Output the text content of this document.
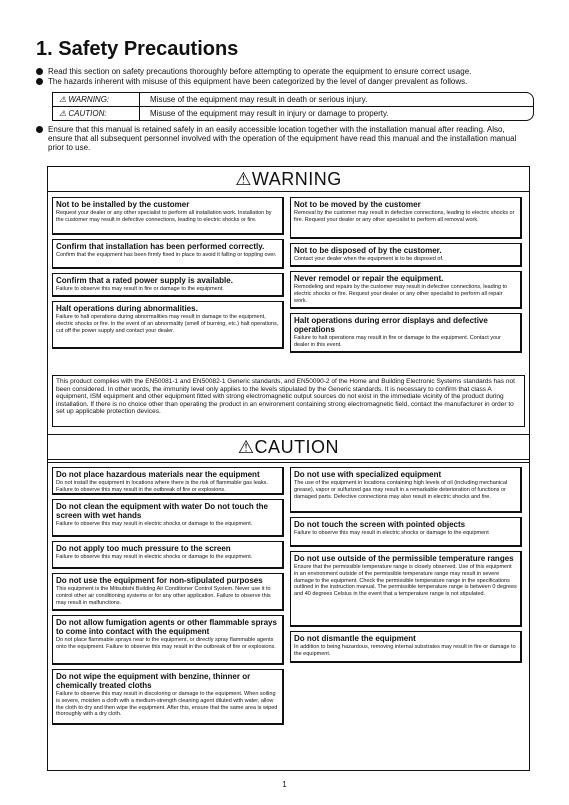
1. Safety Precautions
Read this section on safety precautions thoroughly before attempting to operate the equipment to ensure correct usage.
The hazards inherent with misuse of this equipment have been categorized by the level of danger prevalent as follows.
⚠ WARNING:	Misuse of the equipment may result in death or serious injury.
⚠ CAUTION:	Misuse of the equipment may result in injury or damage to property.
Ensure that this manual is retained safely in an easily accessible location together with the installation manual after reading. Also, ensure that all subsequent personnel involved with the operation of the equipment have read this manual and the installation manual prior to use.
⚠WARNING
Not to be installed by the customer

Request your dealer or any other specialist to perform all installation work. Installation by the customer may result in defective connections, leading to electric shocks or fire.

Confirm that installation has been performed correctly.

Confirm that the equipment has been firmly fixed in place to avoid it falling or toppling over.

Confirm that a rated power supply is available.

Failure to observe this may result in fire or damage to the equipment.

Halt operations during abnormalities.

Failure to halt operations during abnormalities may result in damage to the equipment, electric shocks or fire. In the event of an abnormality (smell of burning, etc.) halt operations, cut off the power supply and contact your dealer.

Not to be moved by the customer

Removal by the customer may result in defective connections, leading to electric shocks or fire. Request your dealer or any other specialist to perform all removal work.

Not to be disposed of by the customer.

Contact your dealer when the equipment is to be disposed of.

Never remodel or repair the equipment.

Remodeling and repairs by the customer may result in defective connections, leading to electric shocks or fire. Request your dealer or any other specialist to perform all repair work.

Halt operations during error displays and defective operations

Failure to halt operations may result in fire or damage to the equipment. Contact your dealer in this event.

This product complies with the EN50081-1 and EN50082-1 Generic standards, and EN50090-2 of the Home and Building Electronic Systems standards has not been considered. In other words, the immunity level only applies to the levels stipulated by the Generic standards. It is necessary to confirm that class A equipment, ISM equipment and other equipment fitted with strong electromagnetic output sources do not exist in the immediate vicinity of the product during installation. If there is no choice other than operating the product in an environment containing strong electromagnetic field, contact the manufacturer in order to set up applicable protection devices.
⚠CAUTION
Do not place hazardous materials near the equipment

Do not install the equipment in locations where there is the risk of flammable gas leaks. Failure to observe this may result in the outbreak of fire or explosions.

Do not clean the equipment with water Do not touch the screen with wet hands

Failure to observe this may result in electric shocks or damage to the equipment.

Do not apply too much pressure to the screen

Failure to observe this may result in electric shocks or damage to the equipment.

Do not use the equipment for non-stipulated purposes

This equipment is the Mitsubishi Building Air Conditioner Control System. Never use it to control other air conditioning systems or for any other application. Failure to observe this may result in malfunctions.

Do not allow fumigation agents or other flammable sprays to come into contact with the equipment

Do not place flammable sprays near to the equipment, or directly spray flammable agents onto the equipment. Failure to observe this may result in the outbreak of fire or explosions.

Do not wipe the equipment with benzine, thinner or chemically treated cloths

Failure to observe this may result in discoloring or damage to the equipment. When soiling is severe, moisten a cloth with a medium-strength cleaning agent diluted with water, allow the cloth to dry and then wipe the equipment. After this, ensure that the same area is wiped thoroughly with a dry cloth.

Do not use with specialized equipment

The use of the equipment in locations containing high levels of oil (including mechanical grease), vapor or sulfurized gas may result in a remarkable deterioration of functions or damaged parts. Defective connections may also result in electric shocks and fire.

Do not touch the screen with pointed objects

Failure to observe this may result in electric shocks or damage to the equipment

Do not use outside of the permissible temperature ranges

Ensure that the permissible temperature range is closely observed. Use of this equipment in an environment outside of the permissible temperature range may result in severe damage to the equipment. Check the permissible temperature range in the specifications outlined in the instruction manual. The permissible temperature range is between 0 degrees and 40 degrees Celsius in the event that a temperature range is not stipulated.

Do not dismantle the equipment

In addition to being hazardous, removing internal substrates may result in fire or damage to the equipment.

1
